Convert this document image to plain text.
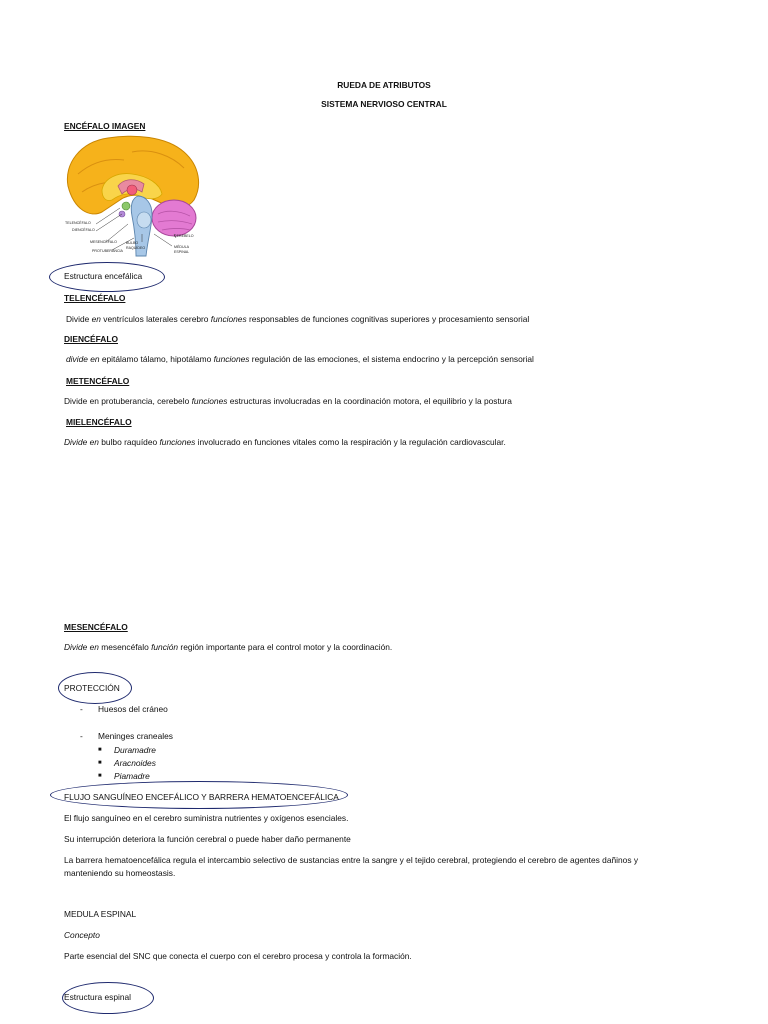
RUEDA DE ATRIBUTOS
SISTEMA NERVIOSO CENTRAL
ENCÉFALO IMAGEN
TELENCÉFALO
DIENCÉFALO
MESENCÉFALO
PROTUBERANCIA
BULBO
RAQUÍDEO
CEREBELO
MÉDULA
ESPINAL
Estructura encefálica
TELENCÉFALO
Divide en ventrículos laterales cerebro funciones responsables de funciones cognitivas superiores y procesamiento sensorial
DIENCÉFALO
divide en epitálamo tálamo, hipotálamo funciones regulación de las emociones, el sistema endocrino y la percepción sensorial
METENCÉFALO
Divide en protuberancia, cerebelo funciones estructuras involucradas en la coordinación motora, el equilibrio y la postura
MIELENCÉFALO
Divide en bulbo raquídeo funciones involucrado en funciones vitales como la respiración y la regulación cardiovascular.
MESENCÉFALO
Divide en mesencéfalo función región importante para el control motor y la coordinación.
PROTECCIÓN
- Huesos del cráneo
- Meninges craneales
■ Duramadre
■ Aracnoides
■ Piamadre
FLUJO SANGUÍNEO ENCEFÁLICO Y BARRERA HEMATOENCEFÁLICA
El flujo sanguíneo en el cerebro suministra nutrientes y oxígenos esenciales.
Su interrupción deteriora la función cerebral o puede haber daño permanente
La barrera hematoencefálica regula el intercambio selectivo de sustancias entre la sangre y el tejido cerebral, protegiendo el cerebro de agentes dañinos y
manteniendo su homeostasis.
MEDULA ESPINAL
Concepto
Parte esencial del SNC que conecta el cuerpo con el cerebro procesa y controla la formación.
Estructura espinal
